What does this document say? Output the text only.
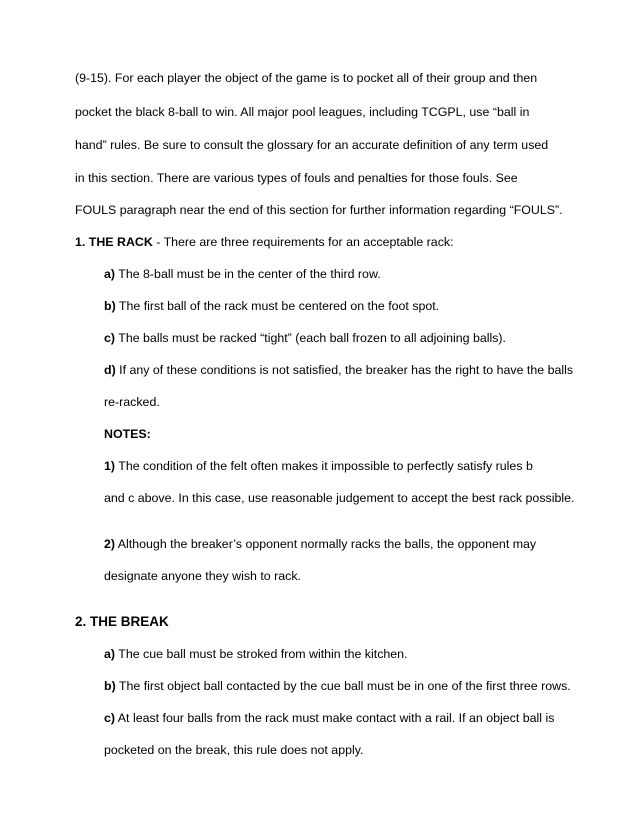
(9-15). For each player the object of the game is to pocket all of their group and then
pocket the black 8-ball to win. All major pool leagues, including TCGPL, use “ball in
hand” rules. Be sure to consult the glossary for an accurate definition of any term used
in this section. There are various types of fouls and penalties for those fouls. See
FOULS paragraph near the end of this section for further information regarding “FOULS”.
1. THE RACK - There are three requirements for an acceptable rack:
a) The 8-ball must be in the center of the third row.
b) The first ball of the rack must be centered on the foot spot.
c) The balls must be racked “tight” (each ball frozen to all adjoining balls).
d) If any of these conditions is not satisfied, the breaker has the right to have the balls
re-racked.
NOTES:
1) The condition of the felt often makes it impossible to perfectly satisfy rules b
and c above. In this case, use reasonable judgement to accept the best rack possible.
2) Although the breaker’s opponent normally racks the balls, the opponent may
designate anyone they wish to rack.
2. THE BREAK
a) The cue ball must be stroked from within the kitchen.
b) The first object ball contacted by the cue ball must be in one of the first three rows.
c) At least four balls from the rack must make contact with a rail. If an object ball is
pocketed on the break, this rule does not apply.
